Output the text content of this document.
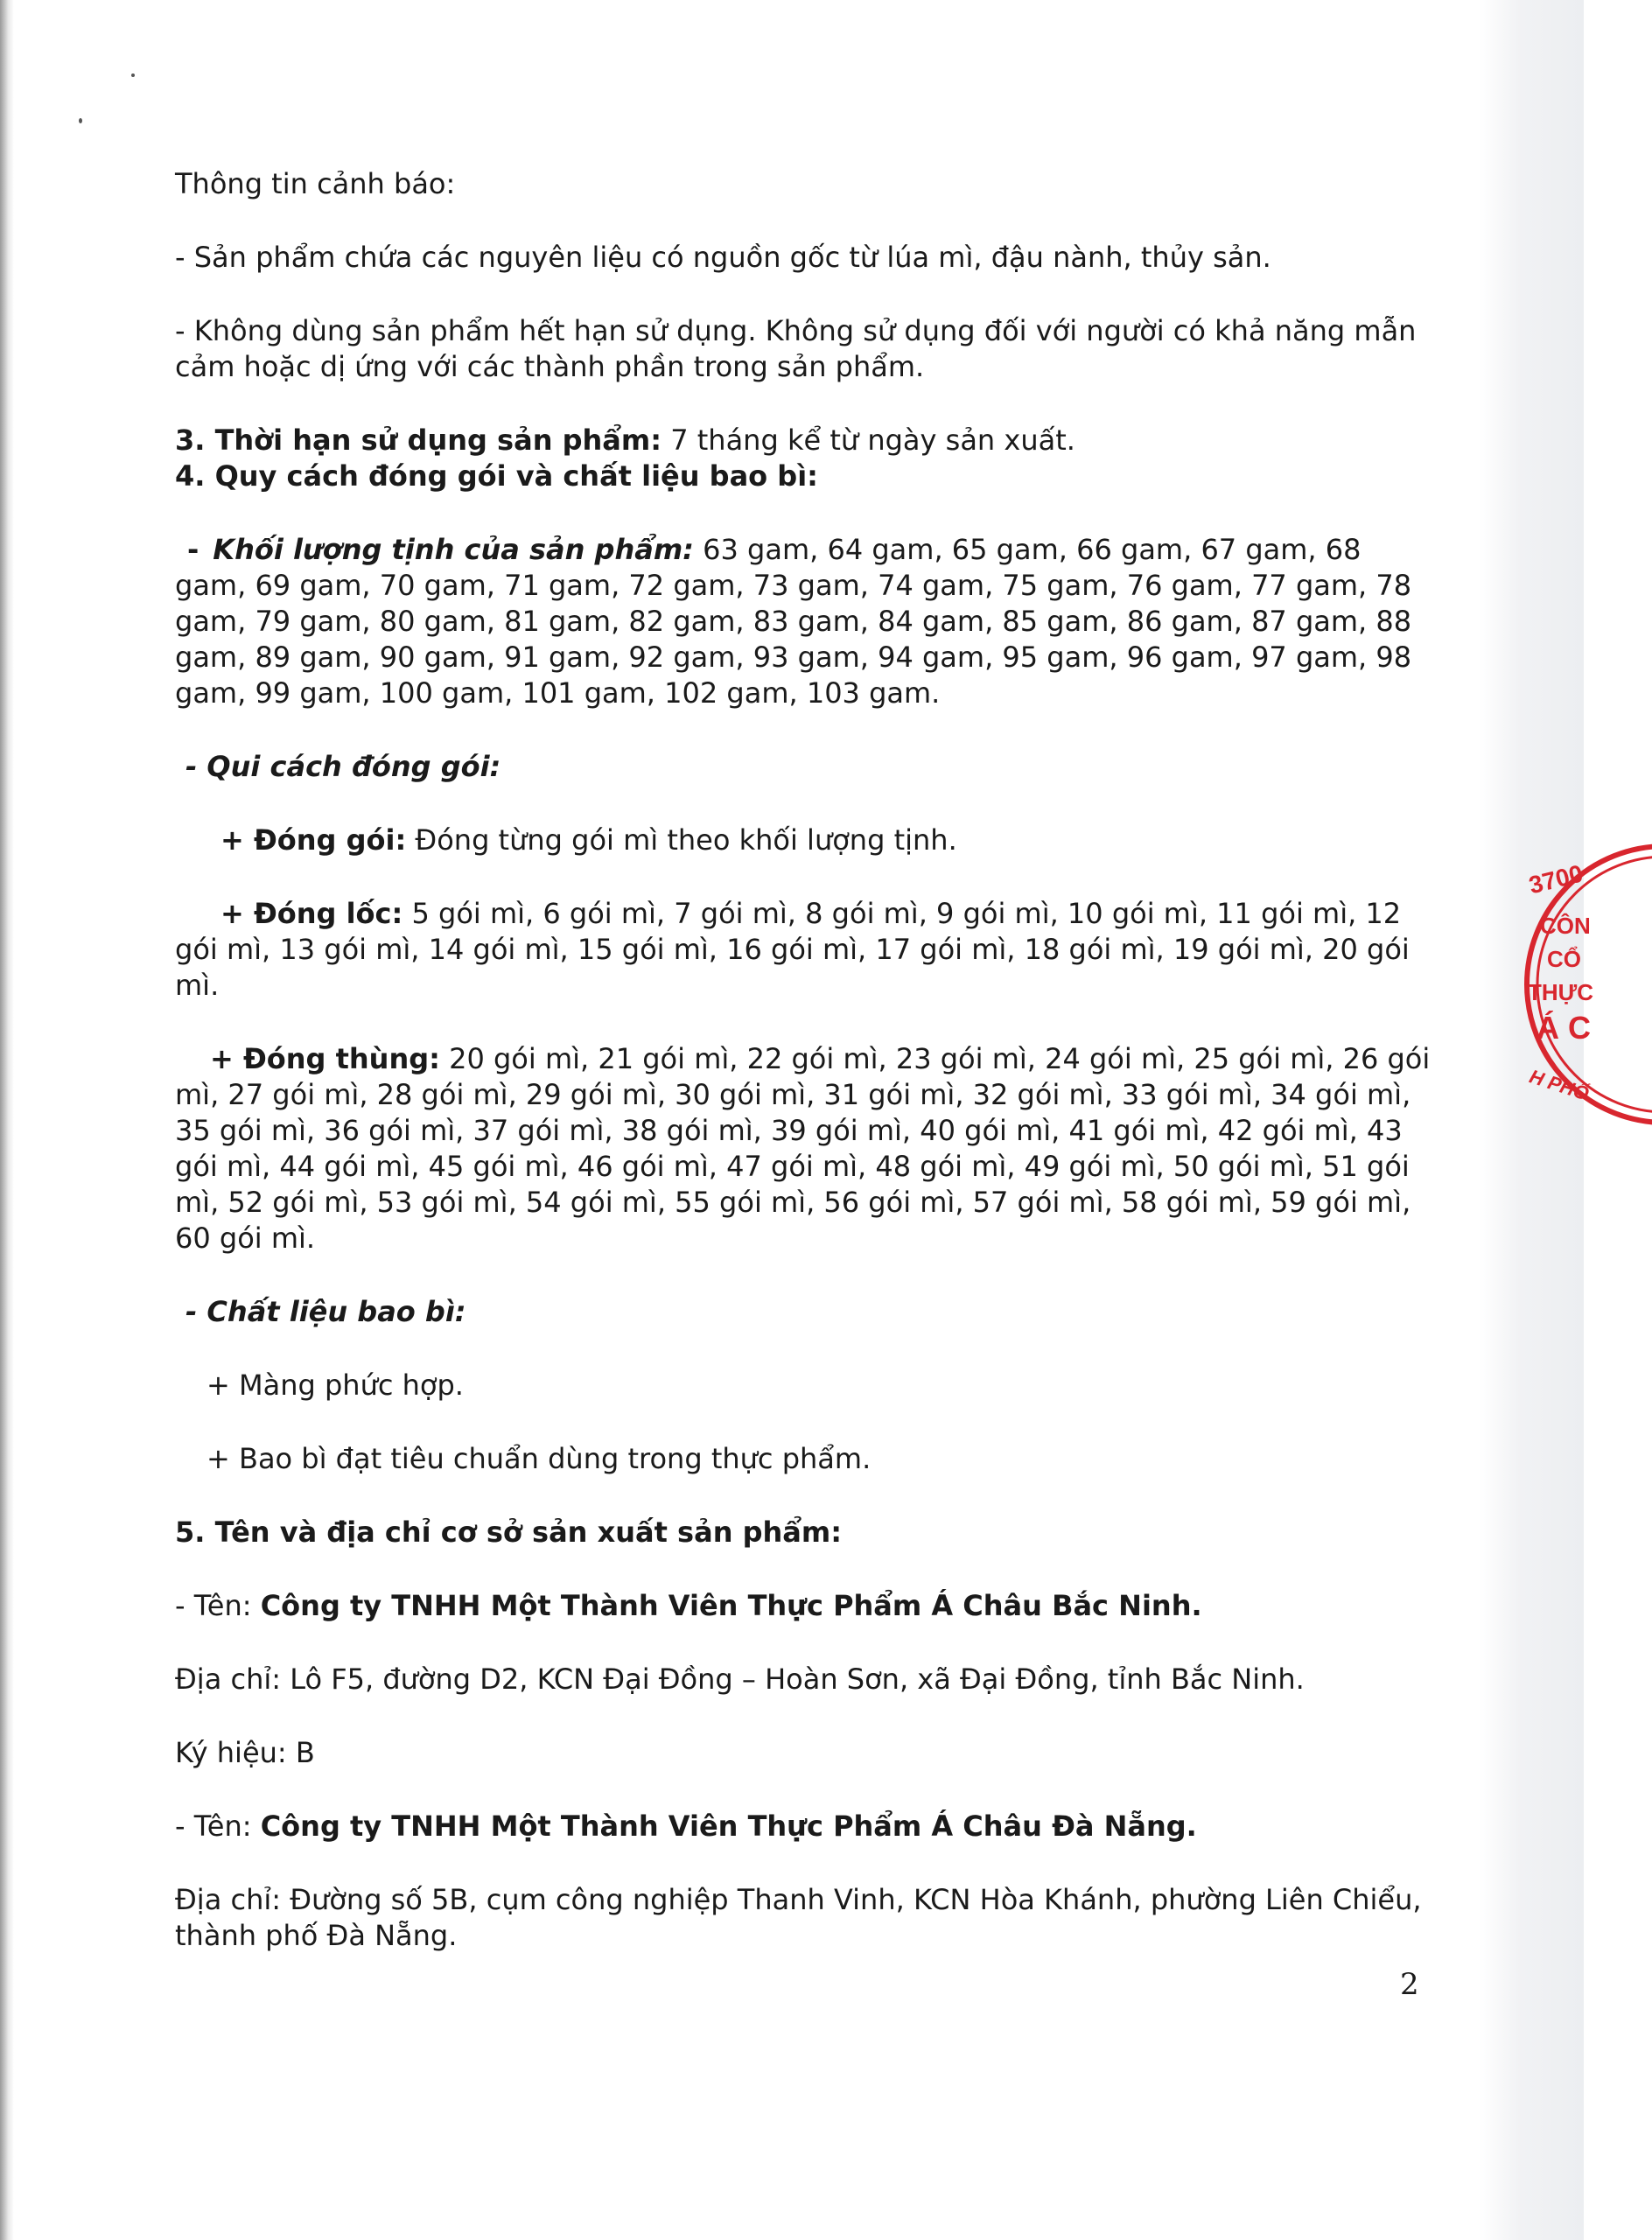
Thông tin cảnh báo:

- Sản phẩm chứa các nguyên liệu có nguồn gốc từ lúa mì, đậu nành, thủy sản.

- Không dùng sản phẩm hết hạn sử dụng. Không sử dụng đối với người có khả năng mẫn cảm hoặc dị ứng với các thành phần trong sản phẩm.

3. Thời hạn sử dụng sản phẩm: 7 tháng kể từ ngày sản xuất.

4. Quy cách đóng gói và chất liệu bao bì:

- Khối lượng tịnh của sản phẩm: 63 gam, 64 gam, 65 gam, 66 gam, 67 gam, 68 gam, 69 gam, 70 gam, 71 gam, 72 gam, 73 gam, 74 gam, 75 gam, 76 gam, 77 gam, 78 gam, 79 gam, 80 gam, 81 gam, 82 gam, 83 gam, 84 gam, 85 gam, 86 gam, 87 gam, 88 gam, 89 gam, 90 gam, 91 gam, 92 gam, 93 gam, 94 gam, 95 gam, 96 gam, 97 gam, 98 gam, 99 gam, 100 gam, 101 gam, 102 gam, 103 gam.

- Qui cách đóng gói:

+ Đóng gói: Đóng từng gói mì theo khối lượng tịnh.

+ Đóng lốc: 5 gói mì, 6 gói mì, 7 gói mì, 8 gói mì, 9 gói mì, 10 gói mì, 11 gói mì, 12 gói mì, 13 gói mì, 14 gói mì, 15 gói mì, 16 gói mì, 17 gói mì, 18 gói mì, 19 gói mì, 20 gói mì.

+ Đóng thùng: 20 gói mì, 21 gói mì, 22 gói mì, 23 gói mì, 24 gói mì, 25 gói mì, 26 gói mì, 27 gói mì, 28 gói mì, 29 gói mì, 30 gói mì, 31 gói mì, 32 gói mì, 33 gói mì, 34 gói mì, 35 gói mì, 36 gói mì, 37 gói mì, 38 gói mì, 39 gói mì, 40 gói mì, 41 gói mì, 42 gói mì, 43 gói mì, 44 gói mì, 45 gói mì, 46 gói mì, 47 gói mì, 48 gói mì, 49 gói mì, 50 gói mì, 51 gói mì, 52 gói mì, 53 gói mì, 54 gói mì, 55 gói mì, 56 gói mì, 57 gói mì, 58 gói mì, 59 gói mì, 60 gói mì.

- Chất liệu bao bì:

+ Màng phức hợp.

+ Bao bì đạt tiêu chuẩn dùng trong thực phẩm.

5. Tên và địa chỉ cơ sở sản xuất sản phẩm:

- Tên: Công ty TNHH Một Thành Viên Thực Phẩm Á Châu Bắc Ninh.

Địa chỉ: Lô F5, đường D2, KCN Đại Đồng – Hoàn Sơn, xã Đại Đồng, tỉnh Bắc Ninh.

Ký hiệu: B

- Tên: Công ty TNHH Một Thành Viên Thực Phẩm Á Châu Đà Nẵng.

Địa chỉ: Đường số 5B, cụm công nghiệp Thanh Vinh, KCN Hòa Khánh, phường Liên Chiểu, thành phố Đà Nẵng.

2
3700
CÔN
CỔ
THỰC
Á C
H PHỐ
